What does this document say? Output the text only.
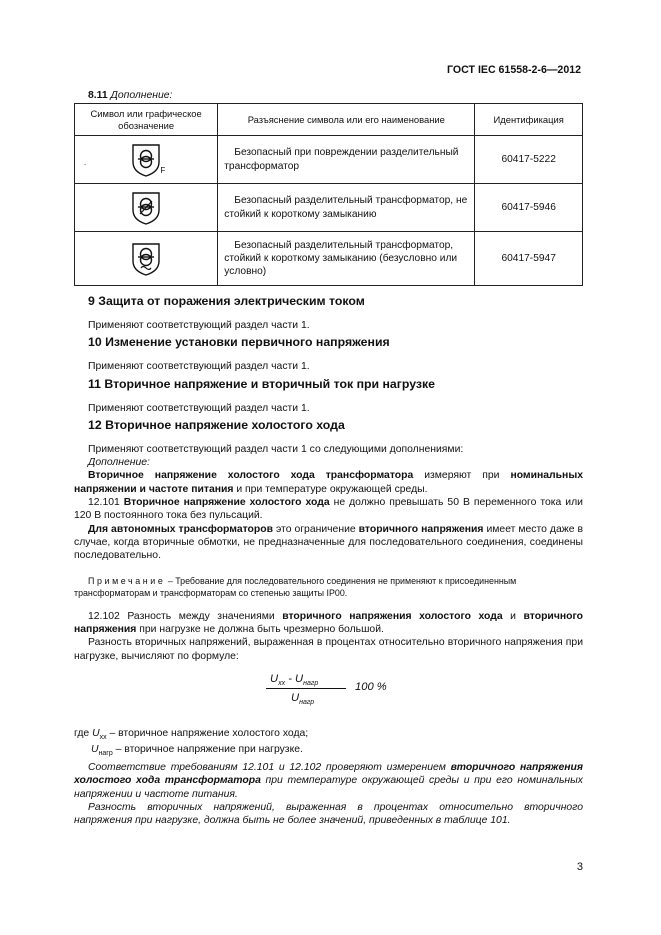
ГОСТ IEC 61558-2-6—2012
8.11 Дополнение:
Символ или графическое обозначение	Разъяснение символа или его наименование	Идентификация

.
F	Безопасный при повреждении разделительный трансформатор	60417-5222

Безопасный разделительный трансформатор, не стойкий к короткому замыканию	60417-5946

Безопасный разделительный трансформатор, стойкий к короткому замыканию (безусловно или условно)	60417-5947
9 Защита от поражения электрическим током

Применяют соответствующий раздел части 1.

10 Изменение установки первичного напряжения

Применяют соответствующий раздел части 1.

11 Вторичное напряжение и вторичный ток при нагрузке

Применяют соответствующий раздел части 1.

12 Вторичное напряжение холостого хода

Применяют соответствующий раздел части 1 со следующими дополнениями:

Дополнение:

Вторичное напряжение холостого хода трансформатора измеряют при номинальных напряжении и частоте питания и при температуре окружающей среды.

12.101 Вторичное напряжение холостого хода не должно превышать 50 В переменного тока или 120 В постоянного тока без пульсаций.

Для автономных трансформаторов это ограничение вторичного напряжения имеет место даже в случае, когда вторичные обмотки, не предназначенные для последовательного соединения, соединены последовательно.

Примечание – Требование для последовательного соединения не применяют к присоединенным трансформаторам и трансформаторам со степенью защиты IP00.

12.102 Разность между значениями вторичного напряжения холостого хода и вторичного напряжения при нагрузке не должна быть чрезмерно большой.

Разность вторичных напряжений, выраженная в процентах относительно вторичного напряжения при нагрузке, вычисляют по формуле:

$U_{xx} - U_{нагр}$
$U_{нагр}$
100 %

где $U_{хх}$ – вторичное напряжение холостого хода;

$U_{нагр}$ – вторичное напряжение при нагрузке.

Соответствие требованиям 12.101 и 12.102 проверяют измерением вторичного напряжения холостого хода трансформатора при температуре окружающей среды и при его номинальных напряжении и частоте питания.

Разность вторичных напряжений, выраженная в процентах относительно вторичного напряжения при нагрузке, должна быть не более значений, приведенных в таблице 101.

3
